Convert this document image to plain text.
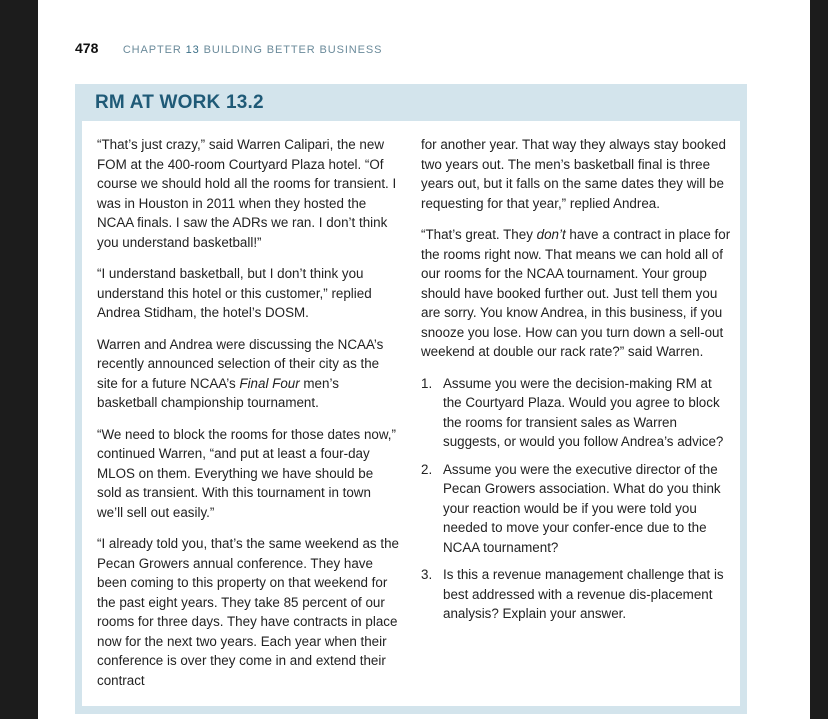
478 CHAPTER 13 BUILDING BETTER BUSINESS
RM AT WORK 13.2

“That’s just crazy,” said Warren Calipari, the new FOM at the 400-room Courtyard Plaza hotel. “Of course we should hold all the rooms for transient. I was in Houston in 2011 when they hosted the NCAA finals. I saw the ADRs we ran. I don’t think you understand basketball!”

“I understand basketball, but I don’t think you understand this hotel or this customer,” replied Andrea Stidham, the hotel’s DOSM.

Warren and Andrea were discussing the NCAA’s recently announced selection of their city as the site for a future NCAA’s Final Four men’s basketball championship tournament.

“We need to block the rooms for those dates now,” continued Warren, “and put at least a four-day MLOS on them. Everything we have should be sold as transient. With this tournament in town we’ll sell out easily.”

“I already told you, that’s the same weekend as the Pecan Growers annual conference. They have been coming to this property on that weekend for the past eight years. They take 85 percent of our rooms for three days. They have contracts in place now for the next two years. Each year when their conference is over they come in and extend their contract

for another year. That way they always stay booked two years out. The men’s basketball final is three years out, but it falls on the same dates they will be requesting for that year,” replied Andrea.

“That’s great. They don’t have a contract in place for the rooms right now. That means we can hold all of our rooms for the NCAA tournament. Your group should have booked further out. Just tell them you are sorry. You know Andrea, in this business, if you snooze you lose. How can you turn down a sell-out weekend at double our rack rate?” said Warren.

1. Assume you were the decision-making RM at the Courtyard Plaza. Would you agree to block the rooms for transient sales as Warren suggests, or would you follow Andrea’s advice?
2. Assume you were the executive director of the Pecan Growers association. What do you think your reaction would be if you were told you needed to move your confer-ence due to the NCAA tournament?
3. Is this a revenue management challenge that is best addressed with a revenue dis-placement analysis? Explain your answer.
